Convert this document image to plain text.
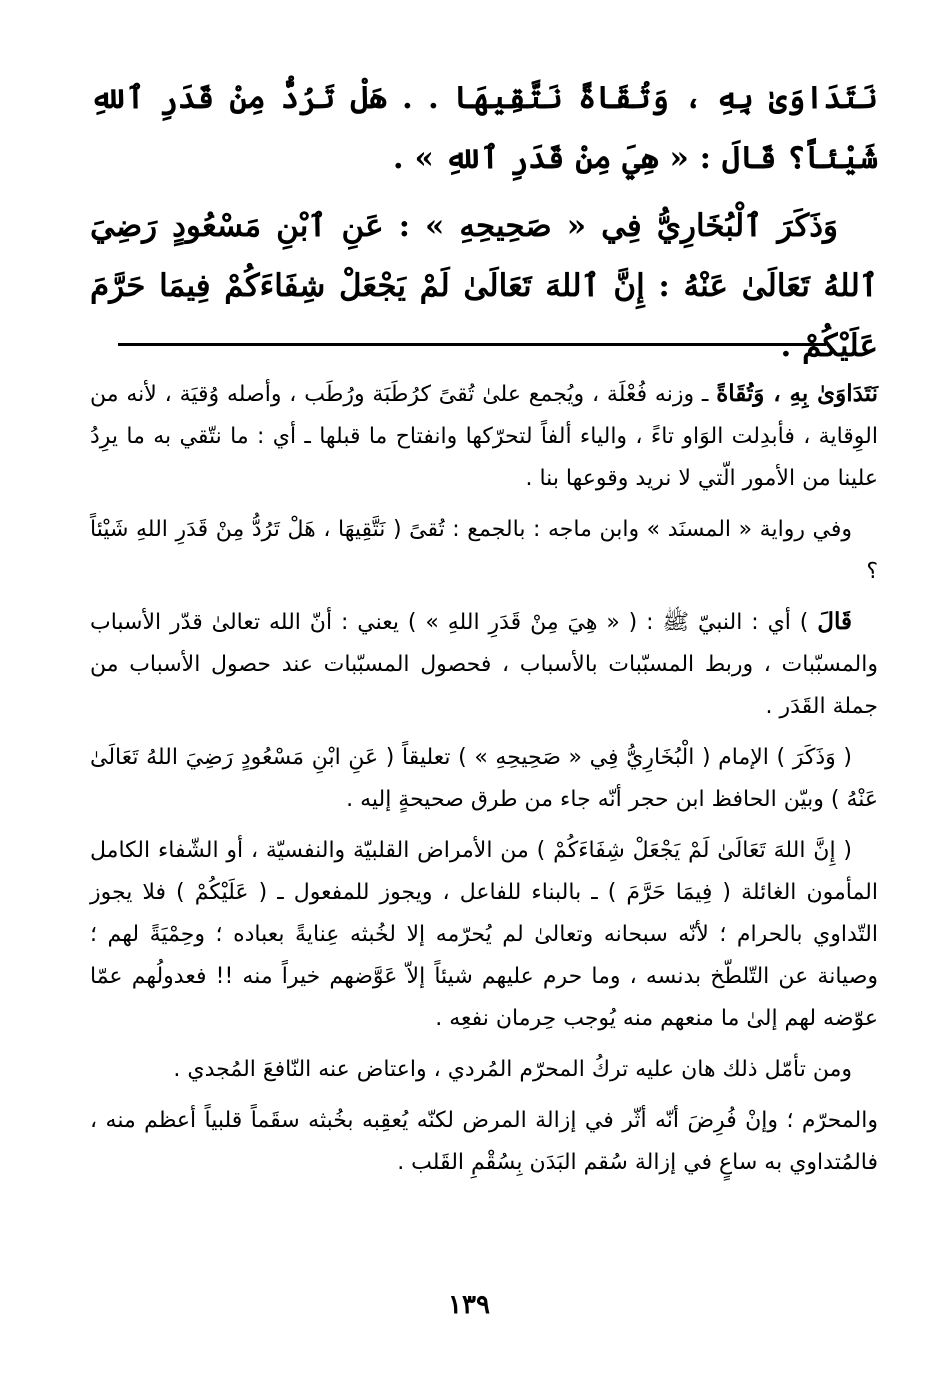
نَتَدَاوَىٰ بِهِ ، وَتُقَاةً نَتَّقِيهَا . . هَلْ تَرُدُّ مِنْ قَدَرِ ٱللهِ شَيْئاً؟ قَالَ : « هِيَ مِنْ قَدَرِ ٱللهِ » .

وَذَكَرَ ٱلْبُخَارِيُّ فِي « صَحِيحِهِ » : عَنِ ٱبْنِ مَسْعُودٍ رَضِيَ ٱللهُ تَعَالَىٰ عَنْهُ : إِنَّ ٱللهَ تَعَالَىٰ لَمْ يَجْعَلْ شِفَاءَكُمْ فِيمَا حَرَّمَ عَلَيْكُمْ .

نَتَدَاوَىٰ بِهِ ، وَتُقَاةً ـ وزنه فُعْلَة ، ويُجمع علىٰ تُقىً كرُطَبَة ورُطَب ، وأصله وُقيَة ، لأنه من الوِقاية ، فأبدِلت الوَاو تاءً ، والياء ألفاً لتحرّكها وانفتاح ما قبلها ـ أي : ما نتّقي به ما يرِدُ علينا من الأمور الّتي لا نريد وقوعها بنا .

وفي رواية « المسنَد » وابن ماجه : بالجمع : تُقىً ( نَتَّقِيهَا ، هَلْ تَرُدُّ مِنْ قَدَرِ اللهِ شَيْئاً ؟

قَالَ ) أي : النبيّ ﷺ : ( « هِيَ مِنْ قَدَرِ اللهِ » ) يعني : أنّ الله تعالىٰ قدّر الأسباب والمسبّبات ، وربط المسبّبات بالأسباب ، فحصول المسبّبات عند حصول الأسباب من جملة القَدَر .

( وَذَكَرَ ) الإمام ( الْبُخَارِيُّ فِي « صَحِيحِهِ » ) تعليقاً ( عَنِ ابْنِ مَسْعُودٍ رَضِيَ اللهُ تَعَالَىٰ عَنْهُ ) وبيّن الحافظ ابن حجر أنّه جاء من طرق صحيحةٍ إليه .

( إِنَّ اللهَ تَعَالَىٰ لَمْ يَجْعَلْ شِفَاءَكُمْ ) من الأمراض القلبيّة والنفسيّة ، أو الشّفاء الكامل المأمون الغائلة ( فِيمَا حَرَّمَ ) ـ بالبناء للفاعل ، ويجوز للمفعول ـ ( عَلَيْكُمْ ) فلا يجوز التّداوي بالحرام ؛ لأنّه سبحانه وتعالىٰ لم يُحرّمه إلا لخُبثه عِنايةً بعباده ؛ وحِمْيَةً لهم ؛ وصيانة عن التّلطّخ بدنسه ، وما حرم عليهم شيئاً إلاّ عَوَّضهم خيراً منه !! فعدولُهم عمّا عوّضه لهم إلىٰ ما منعهم منه يُوجب حِرمان نفعِه .

ومن تأمّل ذلك هان عليه تركُ المحرّم المُردي ، واعتاض عنه النّافعَ المُجدي .

والمحرّم ؛ وإنْ فُرِضَ أنّه أثّر في إزالة المرض لكنّه يُعقِبه بخُبثه سقَماً قلبياً أعظم منه ، فالمُتداوي به ساعٍ في إزالة سُقم البَدَن بِسُقْمِ القَلب .

١٣٩
